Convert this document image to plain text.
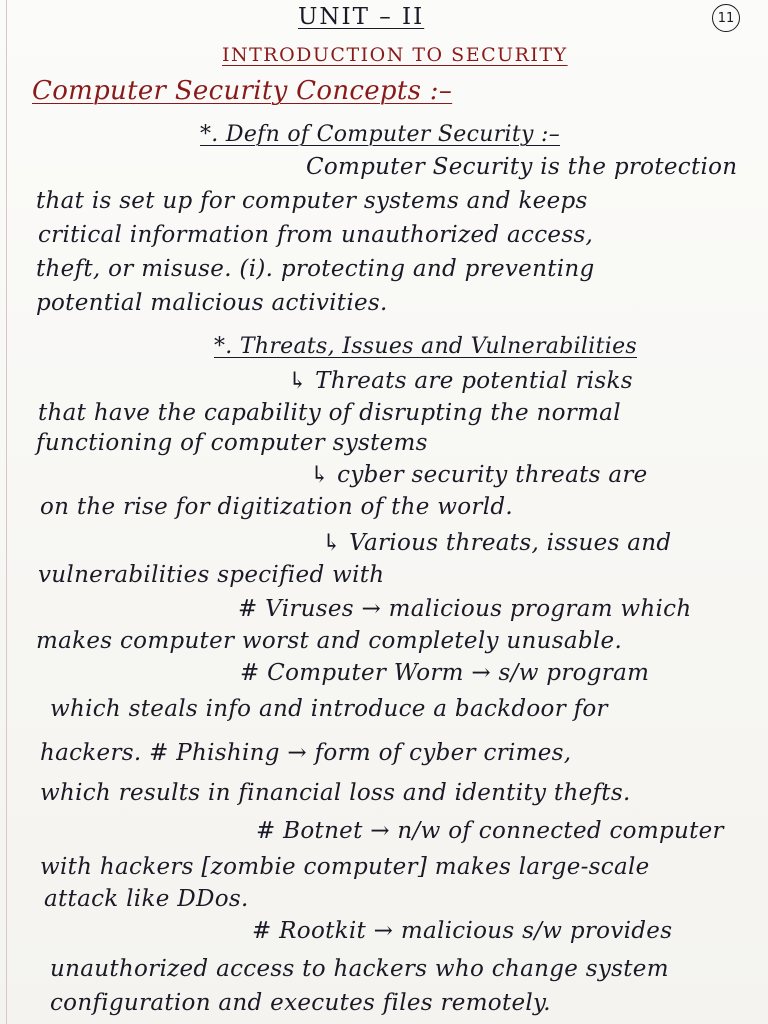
UNIT – II	11
INTRODUCTION TO SECURITY
Computer Security Concepts :–
*. Defn of Computer Security :–
Computer Security is the protection
that is set up for computer systems and keeps
critical information from unauthorized access,
theft, or misuse. (i). protecting and preventing
potential malicious activities.
*. Threats, Issues and Vulnerabilities
↳ Threats are potential risks
that have the capability of disrupting the normal
functioning of computer systems
↳ cyber security threats are
on the rise for digitization of the world.
↳ Various threats, issues and
vulnerabilities specified with
# Viruses → malicious program which
makes computer worst and completely unusable.
# Computer Worm → s/w program
which steals info and introduce a backdoor for
hackers. # Phishing → form of cyber crimes,
which results in financial loss and identity thefts.
# Botnet → n/w of connected computer
with hackers [zombie computer] makes large-scale
attack like DDos.
# Rootkit → malicious s/w provides
unauthorized access to hackers who change system
configuration and executes files remotely.
